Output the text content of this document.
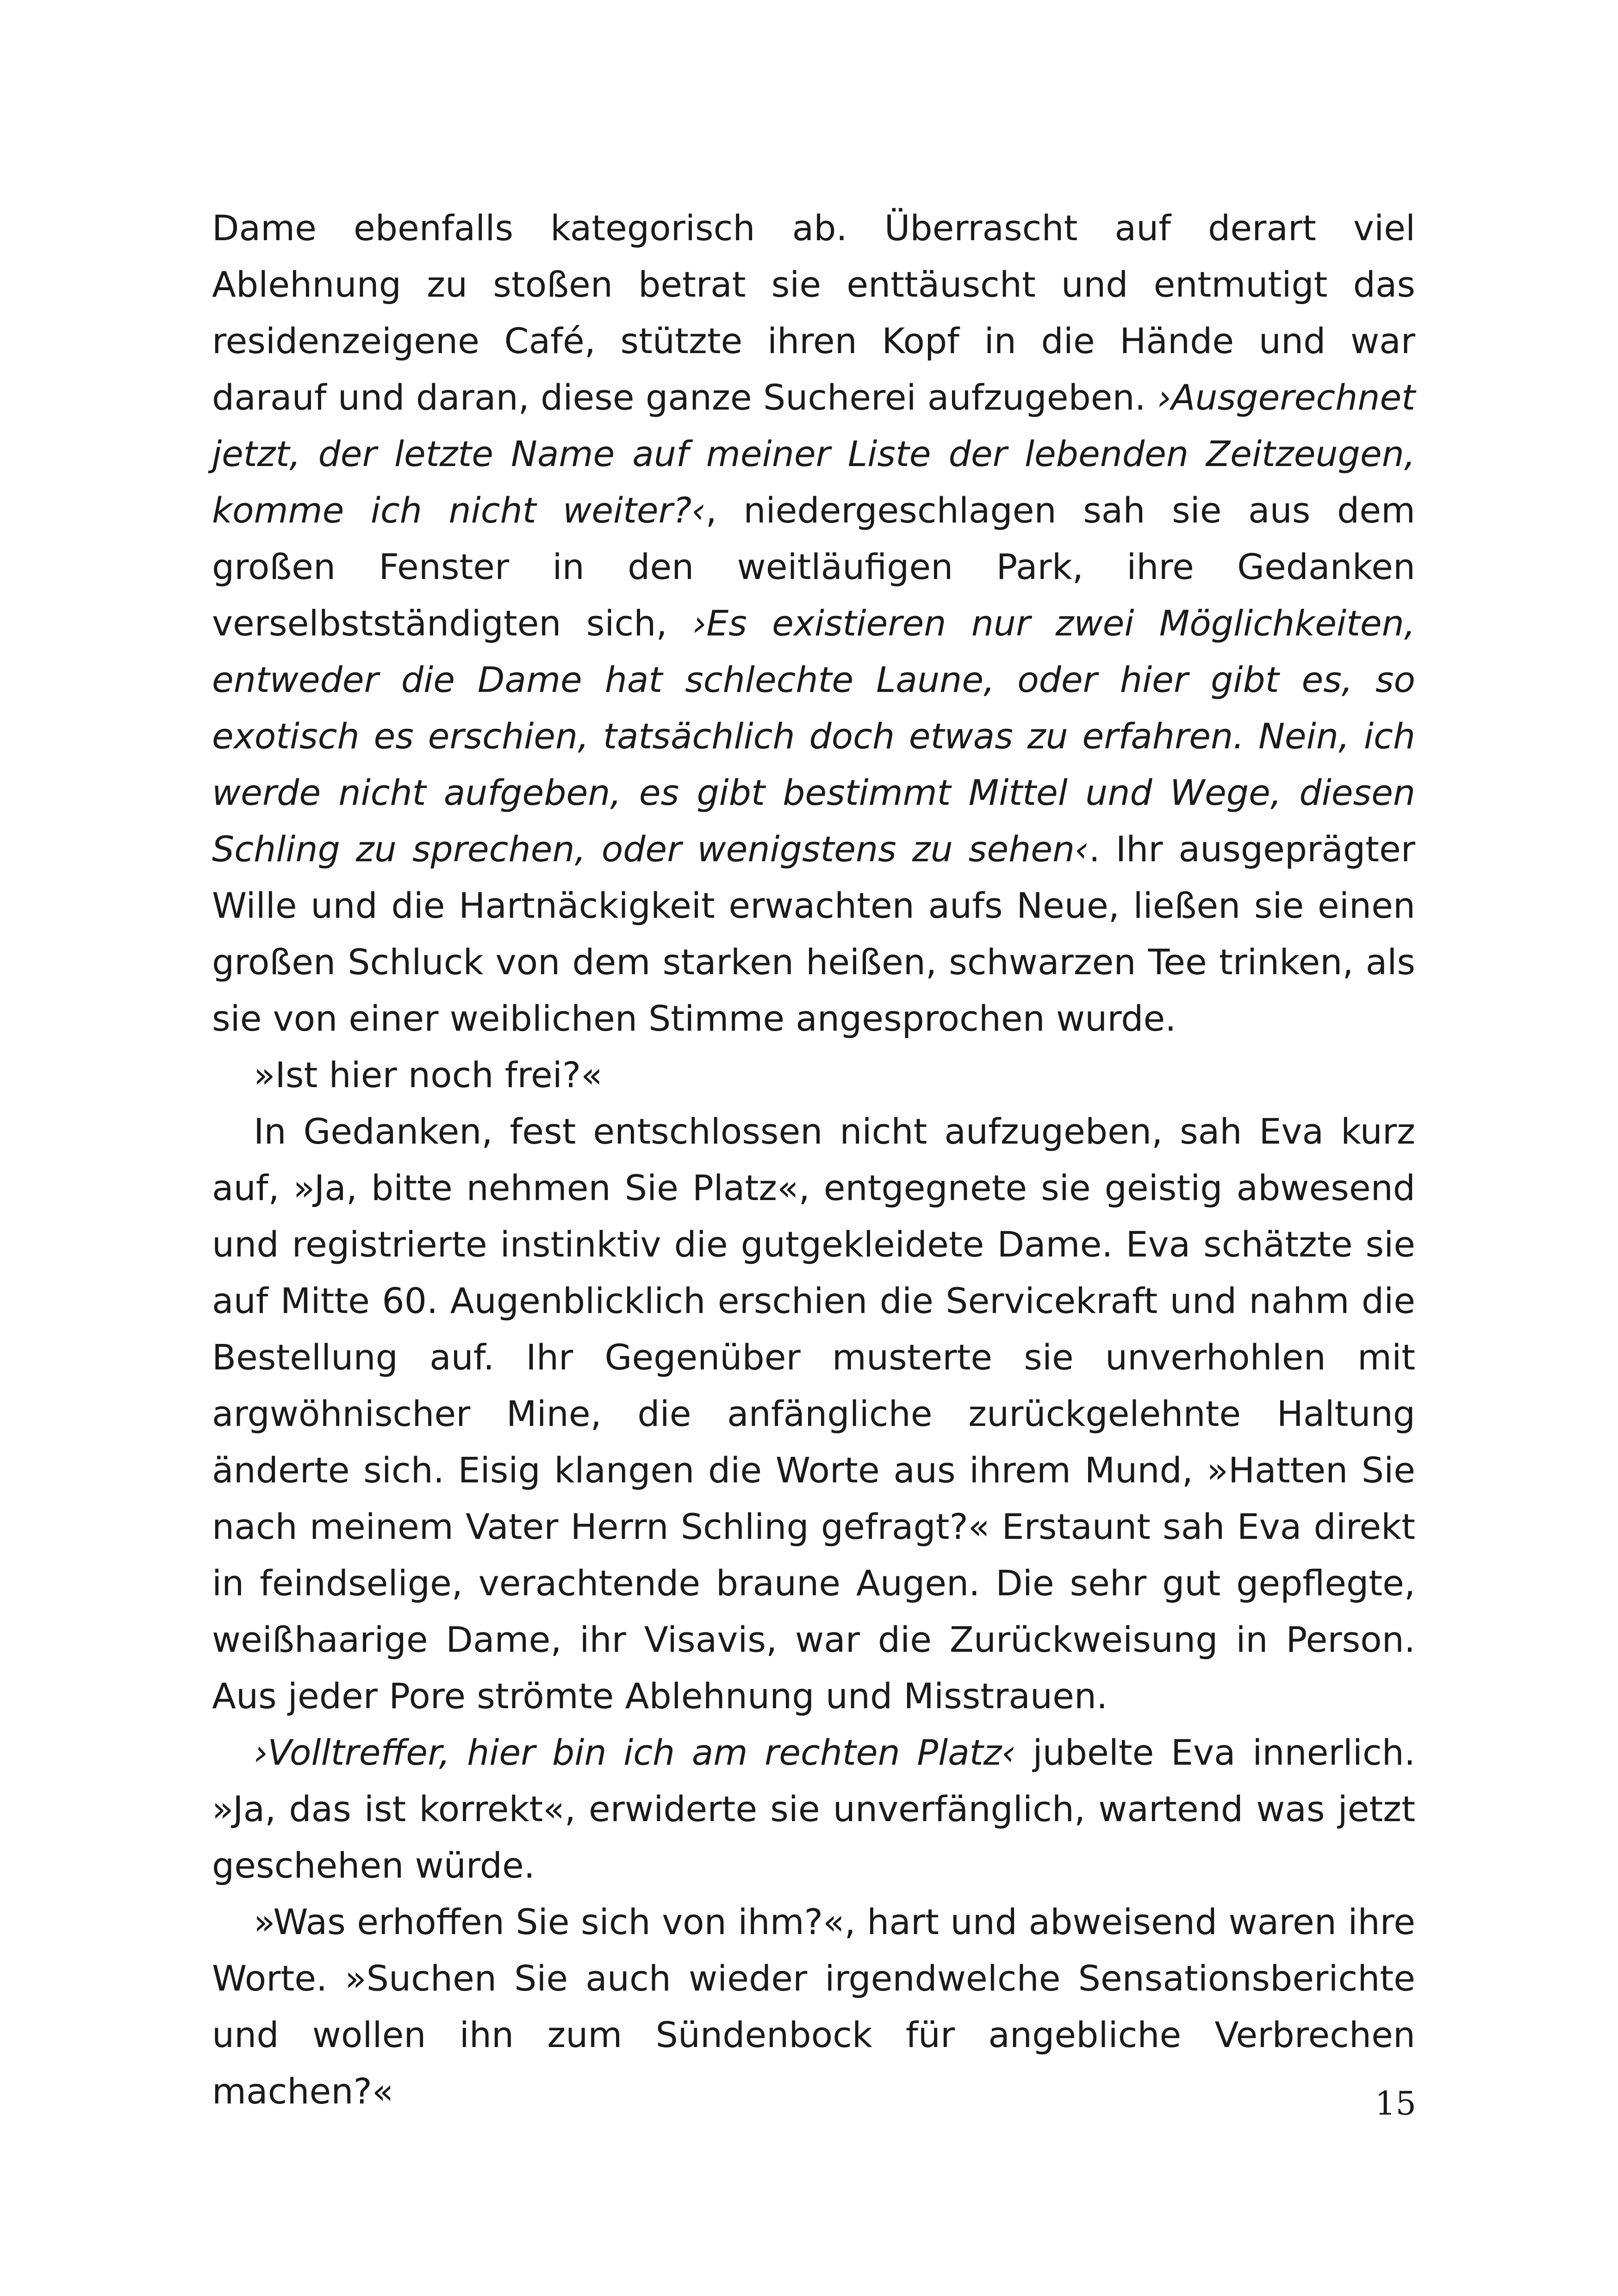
Dame ebenfalls kategorisch ab. Überrascht auf derart viel Ablehnung zu stoßen betrat sie enttäuscht und entmutigt das residenzeigene Café, stützte ihren Kopf in die Hände und war darauf und daran, diese ganze Sucherei aufzugeben. ›Ausgerechnet jetzt, der letzte Name auf meiner Liste der lebenden Zeitzeugen, komme ich nicht weiter?‹, niedergeschlagen sah sie aus dem großen Fenster in den weitläufigen Park, ihre Gedanken verselbstständigten sich, ›Es existieren nur zwei Möglichkeiten, entweder die Dame hat schlechte Laune, oder hier gibt es, so exotisch es erschien, tatsächlich doch etwas zu erfahren. Nein, ich werde nicht aufgeben, es gibt bestimmt Mittel und Wege, diesen Schling zu sprechen, oder wenigstens zu sehen‹. Ihr ausgeprägter Wille und die Hartnäckigkeit erwachten aufs Neue, ließen sie einen großen Schluck von dem starken heißen, schwarzen Tee trinken, als sie von einer weiblichen Stimme angesprochen wurde.

»Ist hier noch frei?«

In Gedanken, fest entschlossen nicht aufzugeben, sah Eva kurz auf, »Ja, bitte nehmen Sie Platz«, entgegnete sie geistig abwesend und registrierte instinktiv die gutgekleidete Dame. Eva schätzte sie auf Mitte 60. Augenblicklich erschien die Servicekraft und nahm die Bestellung auf. Ihr Gegenüber musterte sie unverhohlen mit argwöhnischer Mine, die anfängliche zurückgelehnte Haltung änderte sich. Eisig klangen die Worte aus ihrem Mund, »Hatten Sie nach meinem Vater Herrn Schling gefragt?« Erstaunt sah Eva direkt in feindselige, verachtende braune Augen. Die sehr gut gepflegte, weißhaarige Dame, ihr Visavis, war die Zurückweisung in Person. Aus jeder Pore strömte Ablehnung und Misstrauen.

›Volltreffer, hier bin ich am rechten Platz‹ jubelte Eva innerlich. »Ja, das ist korrekt«, erwiderte sie unverfänglich, wartend was jetzt geschehen würde.

»Was erhoffen Sie sich von ihm?«, hart und abweisend waren ihre Worte. »Suchen Sie auch wieder irgendwelche Sensationsberichte und wollen ihn zum Sündenbock für angebliche Verbrechen machen?«	15
